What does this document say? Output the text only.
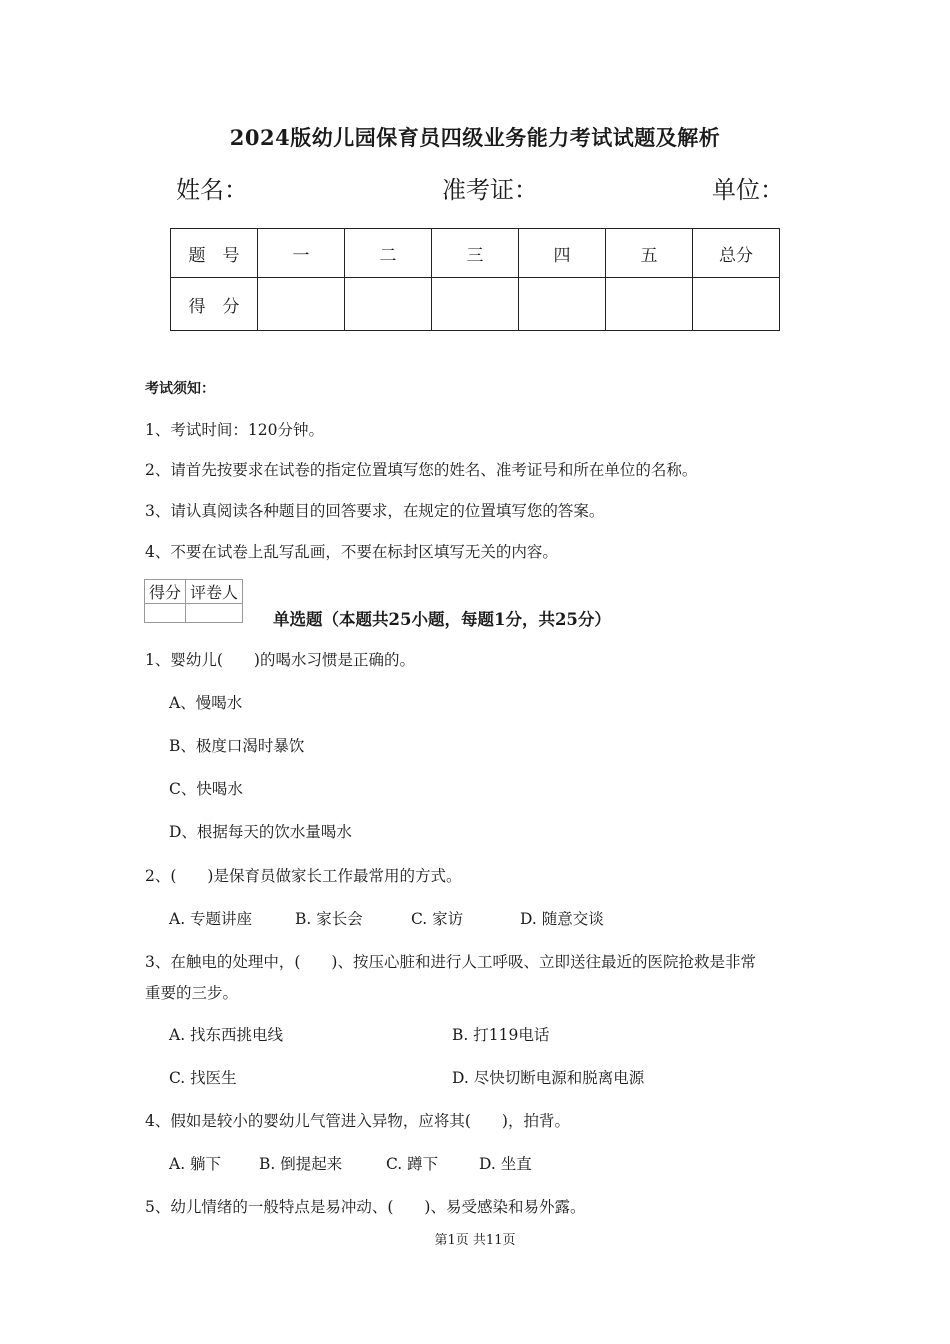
2024版幼儿园保育员四级业务能力考试试题及解析
姓名：	准考证：	单位：
题　号	一	二	三	四	五	总分
得　分						
考试须知：
1、考试时间：120分钟。
2、请首先按要求在试卷的指定位置填写您的姓名、准考证号和所在单位的名称。
3、请认真阅读各种题目的回答要求，在规定的位置填写您的答案。
4、不要在试卷上乱写乱画，不要在标封区填写无关的内容。
得分	评卷人

单选题（本题共25小题，每题1分，共25分）
1、婴幼儿(　　)的喝水习惯是正确的。
A、慢喝水
B、极度口渴时暴饮
C、快喝水
D、根据每天的饮水量喝水
2、(　　)是保育员做家长工作最常用的方式。
A. 专题讲座	B. 家长会	C. 家访	D. 随意交谈
3、在触电的处理中，(　　)、按压心脏和进行人工呼吸、立即送往最近的医院抢救是非常
重要的三步。
A. 找东西挑电线	B. 打119电话
C. 找医生	D. 尽快切断电源和脱离电源
4、假如是较小的婴幼儿气管进入异物，应将其(　　)，拍背。
A. 躺下 B. 倒提起来	C. 蹲下	D. 坐直
5、幼儿情绪的一般特点是易冲动、(　　)、易受感染和易外露。
第1页 共11页
